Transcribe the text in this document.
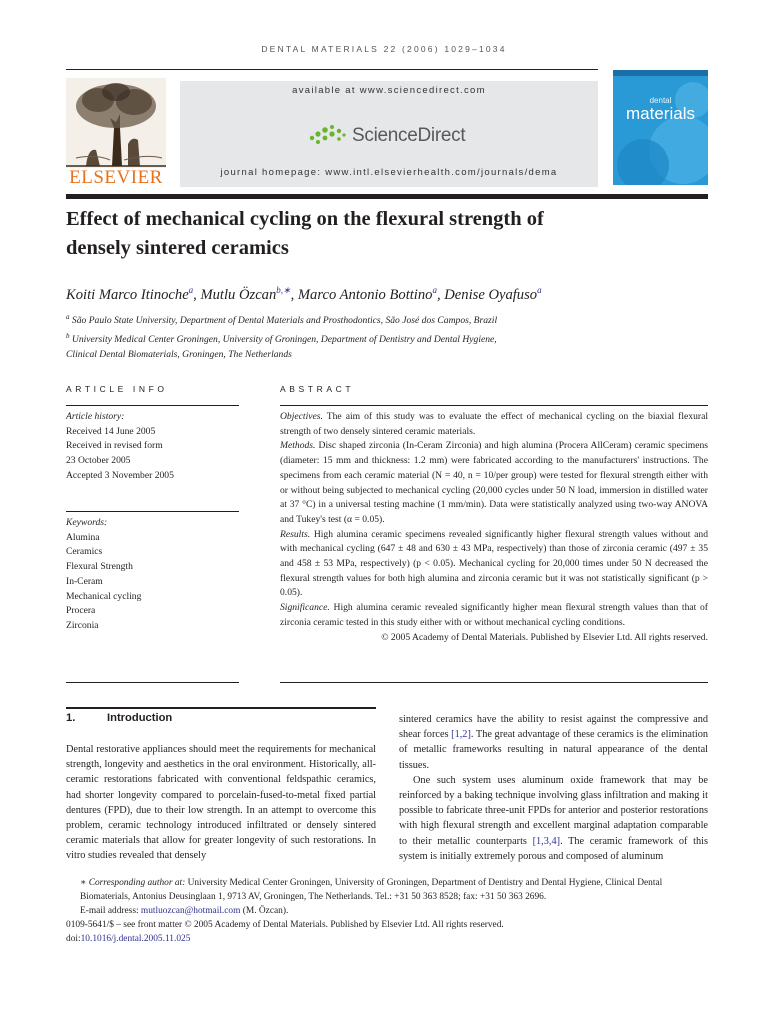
DENTAL MATERIALS 22 (2006) 1029–1034
ELSEVIER
available at www.sciencedirect.com
ScienceDirect
journal homepage: www.intl.elsevierhealth.com/journals/dema
dental
materials
Effect of mechanical cycling on the flexural strength of
densely sintered ceramics
Koiti Marco Itinoche$^a$, Mutlu Özcan$^{b,∗}$, Marco Antonio Bottino$^a$, Denise Oyafuso$^a$
$^a$ São Paulo State University, Department of Dental Materials and Prosthodontics, São José dos Campos, Brazil
$^b$ University Medical Center Groningen, University of Groningen, Department of Dentistry and Dental Hygiene,
Clinical Dental Biomaterials, Groningen, The Netherlands
ARTICLE INFO
Article history:
Received 14 June 2005
Received in revised form
23 October 2005
Accepted 3 November 2005
Keywords:
Alumina
Ceramics
Flexural Strength
In-Ceram
Mechanical cycling
Procera
Zirconia
ABSTRACT
Objectives. The aim of this study was to evaluate the effect of mechanical cycling on the biaxial flexural strength of two densely sintered ceramic materials.
Methods. Disc shaped zirconia (In-Ceram Zirconia) and high alumina (Procera AllCeram) ceramic specimens (diameter: 15 mm and thickness: 1.2 mm) were fabricated according to the manufacturers' instructions. The specimens from each ceramic material (N = 40, n = 10/per group) were tested for flexural strength either with or without being subjected to mechanical cycling (20,000 cycles under 50 N load, immersion in distilled water at 37 °C) in a universal testing machine (1 mm/min). Data were statistically analyzed using two-way ANOVA and Tukey's test (α = 0.05).
Results. High alumina ceramic specimens revealed significantly higher flexural strength values without and with mechanical cycling (647 ± 48 and 630 ± 43 MPa, respectively) than those of zirconia ceramic (497 ± 35 and 458 ± 53 MPa, respectively) (p < 0.05). Mechanical cycling for 20,000 times under 50 N decreased the flexural strength values for both high alumina and zirconia ceramic but it was not statistically significant (p > 0.05).
Significance. High alumina ceramic revealed significantly higher mean flexural strength values than that of zirconia ceramic tested in this study either with or without mechanical cycling conditions.
© 2005 Academy of Dental Materials. Published by Elsevier Ltd. All rights reserved.
1.	Introduction

Dental restorative appliances should meet the requirements for mechanical strength, longevity and aesthetics in the oral environment. Historically, all-ceramic restorations fabricated with conventional feldspathic ceramics, had shorter longevity compared to porcelain-fused-to-metal fixed partial dentures (FPD), due to their low strength. In an attempt to overcome this problem, ceramic technology introduced infiltrated or densely sintered ceramic materials that allow for greater longevity of such restorations. In vitro studies revealed that densely

sintered ceramics have the ability to resist against the compressive and shear forces [1,2]. The great advantage of these ceramics is the elimination of metallic frameworks resulting in natural appearance of the dental tissues.

One such system uses aluminum oxide framework that may be reinforced by a baking technique involving glass infiltration and making it possible to fabricate three-unit FPDs for anterior and posterior restorations with high flexural strength and excellent marginal adaptation comparable to their metallic counterparts [1,3,4]. The ceramic framework of this system is initially extremely porous and composed of aluminum

∗ Corresponding author at: University Medical Center Groningen, University of Groningen, Department of Dentistry and Dental Hygiene, Clinical Dental Biomaterials, Antonius Deusinglaan 1, 9713 AV, Groningen, The Netherlands. Tel.: +31 50 363 8528; fax: +31 50 363 2696.
E-mail address: mutluozcan@hotmail.com (M. Özcan).
0109-5641/$ – see front matter © 2005 Academy of Dental Materials. Published by Elsevier Ltd. All rights reserved.
doi:10.1016/j.dental.2005.11.025
